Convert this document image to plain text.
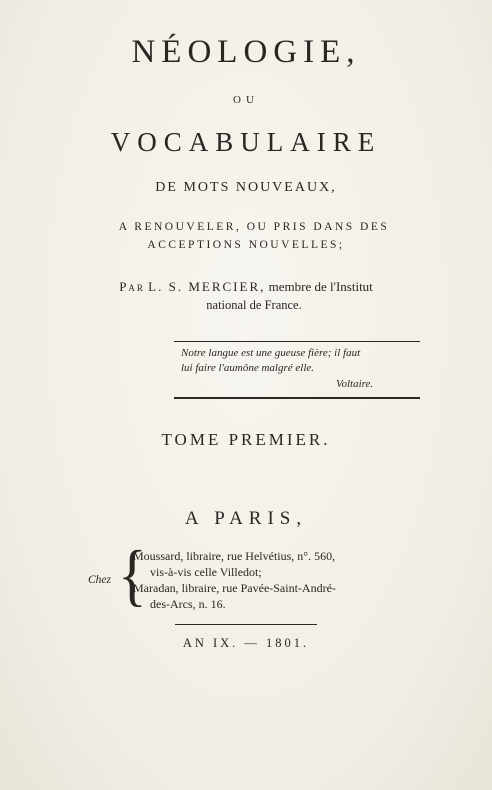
NÉOLOGIE,
OU
VOCABULAIRE
DE MOTS NOUVEAUX,
A RENOUVELER, OU PRIS DANS DES
ACCEPTIONS NOUVELLES;
Par L. S. MERCIER, membre de l'Institut
national de France.
Notre langue est une gueuse fière; il faut
lui faire l'aumône malgré elle.
Voltaire.
TOME PREMIER.
A PARIS,
Chez {
Moussard, libraire, rue Helvétius, n°. 560,
vis-à-vis celle Villedot;
Maradan, libraire, rue Pavée-Saint-André-
des-Arcs, n. 16.
AN IX. — 1801.
